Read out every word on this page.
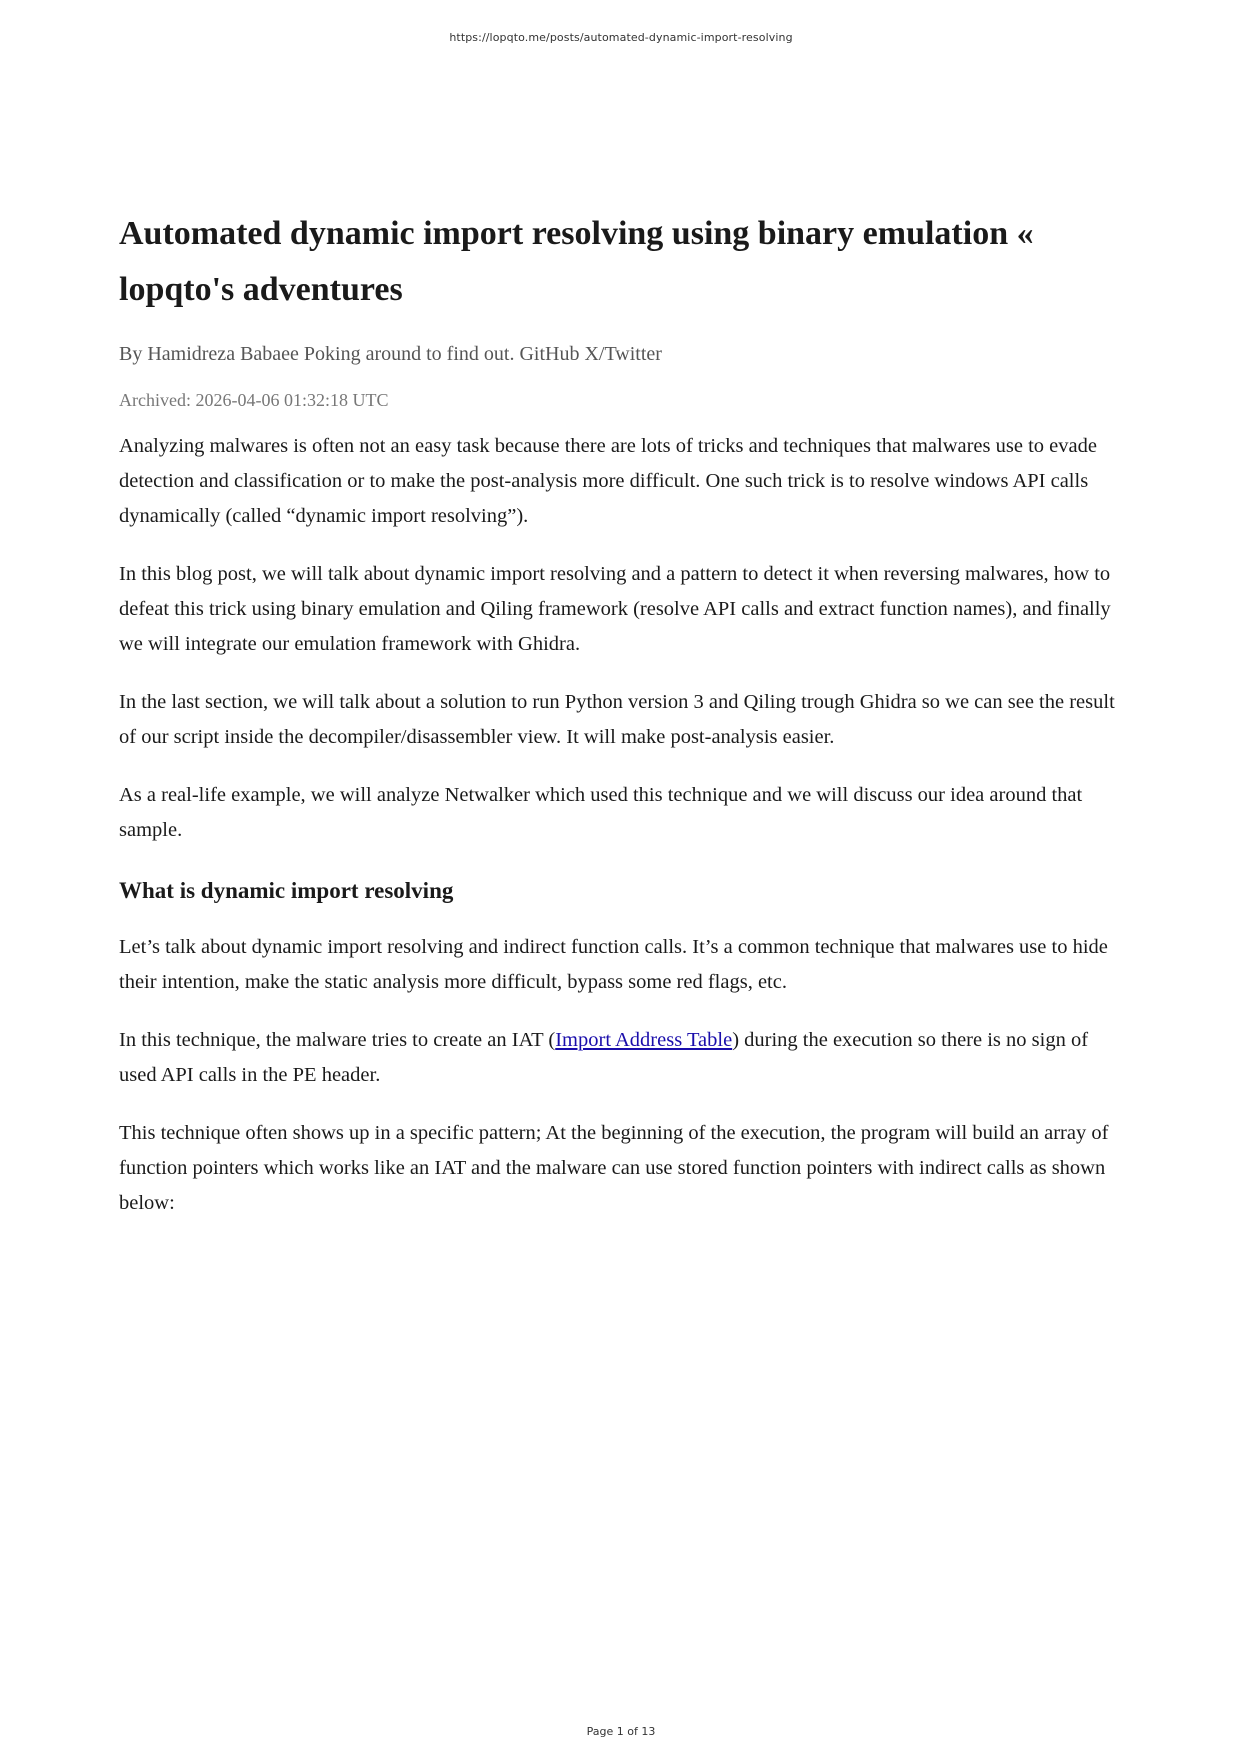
https://lopqto.me/posts/automated-dynamic-import-resolving
Automated dynamic import resolving using binary emulation « lopqto's adventures

By Hamidreza Babaee Poking around to find out. GitHub X/Twitter

Archived: 2026-04-06 01:32:18 UTC

Analyzing malwares is often not an easy task because there are lots of tricks and techniques that malwares use to evade detection and classification or to make the post-analysis more difficult. One such trick is to resolve windows API calls dynamically (called “dynamic import resolving”).

In this blog post, we will talk about dynamic import resolving and a pattern to detect it when reversing malwares, how to defeat this trick using binary emulation and Qiling framework (resolve API calls and extract function names), and finally we will integrate our emulation framework with Ghidra.

In the last section, we will talk about a solution to run Python version 3 and Qiling trough Ghidra so we can see the result of our script inside the decompiler/disassembler view. It will make post-analysis easier.

As a real-life example, we will analyze Netwalker which used this technique and we will discuss our idea around that sample.

What is dynamic import resolving

Let’s talk about dynamic import resolving and indirect function calls. It’s a common technique that malwares use to hide their intention, make the static analysis more difficult, bypass some red flags, etc.

In this technique, the malware tries to create an IAT (Import Address Table) during the execution so there is no sign of used API calls in the PE header.

This technique often shows up in a specific pattern; At the beginning of the execution, the program will build an array of function pointers which works like an IAT and the malware can use stored function pointers with indirect calls as shown below:

Page 1 of 13
